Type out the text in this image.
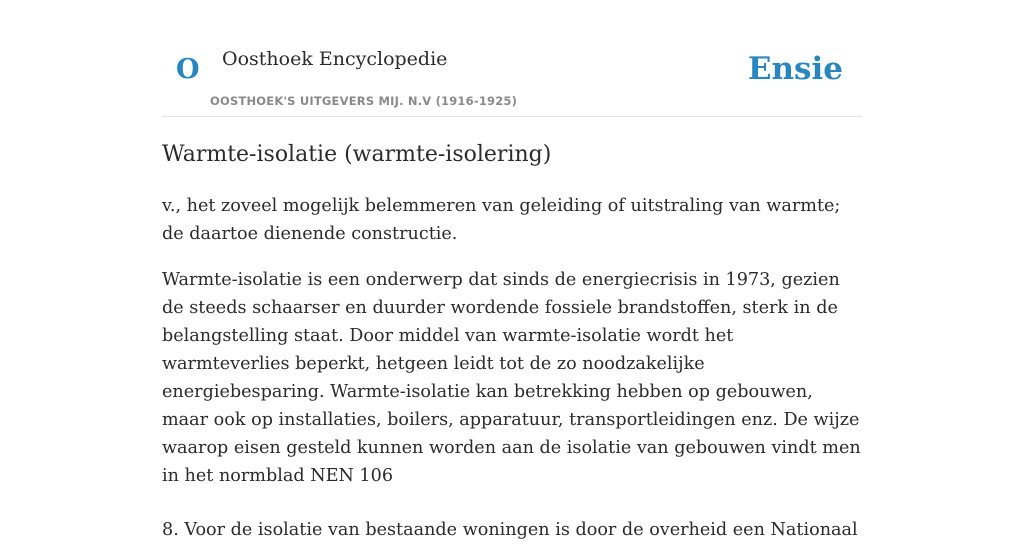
O Oosthoek Encyclopedie
OOSTHOEK'S UITGEVERS MIJ. N.V (1916-1925)
Ensie
Warmte-isolatie (warmte-isolering)

v., het zoveel mogelijk belemmeren van geleiding of uitstraling van warmte; de daartoe dienende constructie.

Warmte-isolatie is een onderwerp dat sinds de energiecrisis in 1973, gezien de steeds schaarser en duurder wordende fossiele brandstoffen, sterk in de belangstelling staat. Door middel van warmte-isolatie wordt het warmteverlies beperkt, hetgeen leidt tot de zo noodzakelijke energiebesparing. Warmte-isolatie kan betrekking hebben op gebouwen, maar ook op installaties, boilers, apparatuur, transportleidingen enz. De wijze waarop eisen gesteld kunnen worden aan de isolatie van gebouwen vindt men in het normblad NEN 106

8. Voor de isolatie van bestaande woningen is door de overheid een Nationaal
